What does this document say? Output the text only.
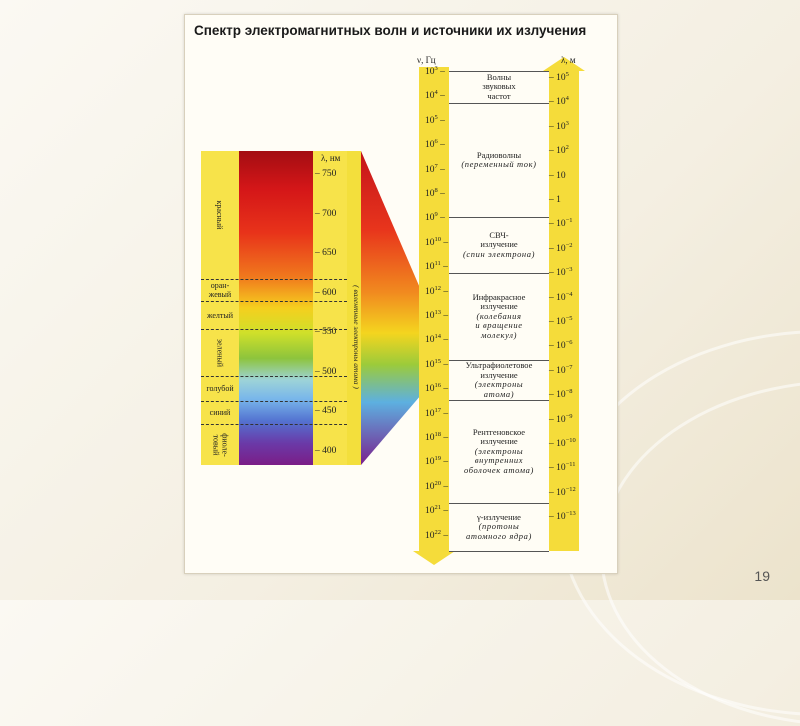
19
Спектр электромагнитных волн и источники их излучения
λ, нм
– 750
– 700
– 650
– 600
– 550
– 500
– 450
– 400
красный
оран-
жевый
желтый
зеленый
голубой
синий
фиоле-
товый
( валентные электроны атома )
ν, Гц	λ, м
$10^3$ –
$10^4$ –
$10^5$ –
$10^6$ –
$10^7$ –
$10^8$ –
$10^9$ –
$10^{10}$ –
$10^{11}$ –
$10^{12}$ –
$10^{13}$ –
$10^{14}$ –
$10^{15}$ –
$10^{16}$ –
$10^{17}$ –
$10^{18}$ –
$10^{19}$ –
$10^{20}$ –
$10^{21}$ –
$10^{22}$ –
– $10^5$
– $10^4$
– $10^3$
– $10^2$
– 10
– 1
– $10^{-1}$
– $10^{-2}$
– $10^{-3}$
– $10^{-4}$
– $10^{-5}$
– $10^{-6}$
– $10^{-7}$
– $10^{-8}$
– $10^{-9}$
– $10^{-10}$
– $10^{-11}$
– $10^{-12}$
– $10^{-13}$
Волны
звуковых
частот
Радиоволны
(переменный ток)
СВЧ-
излучение
(спин электрона)
Инфракрасное
излучение
(колебания
и вращение
молекул)
Ультрафиолетовое
излучение
(электроны
атома)
Рентгеновское
излучение
(электроны
внутренних
оболочек атома)
γ-излучение
(протоны
атомного ядра)
